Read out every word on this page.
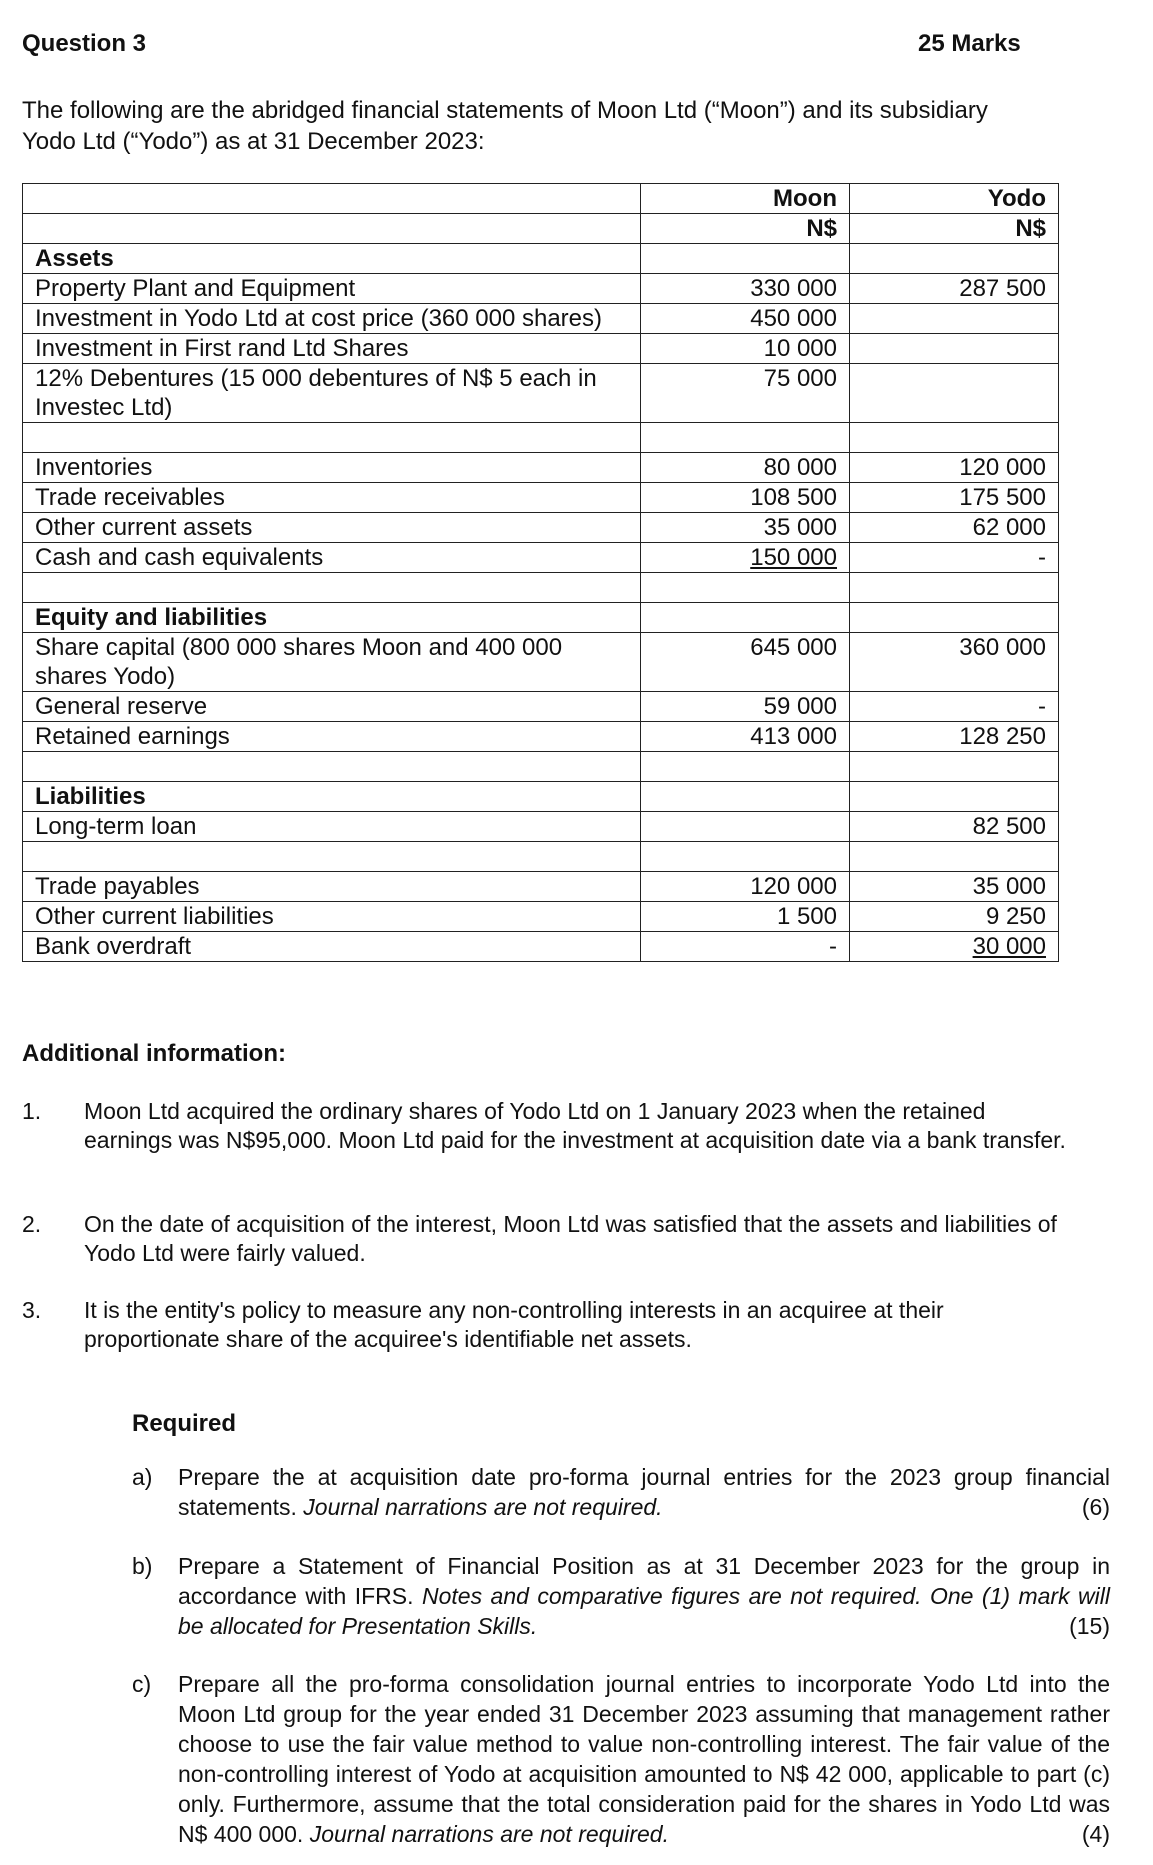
Question 3	25 Marks
The following are the abridged financial statements of Moon Ltd (“Moon”) and its subsidiary Yodo Ltd (“Yodo”) as at 31 December 2023:
	Moon	Yodo
	N$	N$
Assets		
Property Plant and Equipment	330 000	287 500
Investment in Yodo Ltd at cost price (360 000 shares)	450 000	
Investment in First rand Ltd Shares	10 000	
12% Debentures (15 000 debentures of N$ 5 each in Investec Ltd)	75 000	

Inventories	80 000	120 000
Trade receivables	108 500	175 500
Other current assets	35 000	62 000
Cash and cash equivalents	150 000	-

Equity and liabilities		
Share capital (800 000 shares Moon and 400 000 shares Yodo)	645 000	360 000
General reserve	59 000	-
Retained earnings	413 000	128 250

Liabilities		
Long-term loan		82 500

Trade payables	120 000	35 000
Other current liabilities	1 500	9 250
Bank overdraft	-	30 000
Additional information:
1. Moon Ltd acquired the ordinary shares of Yodo Ltd on 1 January 2023 when the retained earnings was N$95,000. Moon Ltd paid for the investment at acquisition date via a bank transfer.
2. On the date of acquisition of the interest, Moon Ltd was satisfied that the assets and liabilities of Yodo Ltd were fairly valued.
3. It is the entity's policy to measure any non-controlling interests in an acquiree at their proportionate share of the acquiree's identifiable net assets.
Required
a) Prepare the at acquisition date pro-forma journal entries for the 2023 group financial statements. Journal narrations are not required.	(6)
b) Prepare a Statement of Financial Position as at 31 December 2023 for the group in accordance with IFRS. Notes and comparative figures are not required. One (1) mark will be allocated for Presentation Skills.	(15)
c) Prepare all the pro-forma consolidation journal entries to incorporate Yodo Ltd into the Moon Ltd group for the year ended 31 December 2023 assuming that management rather choose to use the fair value method to value non-controlling interest. The fair value of the non-controlling interest of Yodo at acquisition amounted to N$ 42 000, applicable to part (c) only. Furthermore, assume that the total consideration paid for the shares in Yodo Ltd was N$ 400 000. Journal narrations are not required.	(4)
